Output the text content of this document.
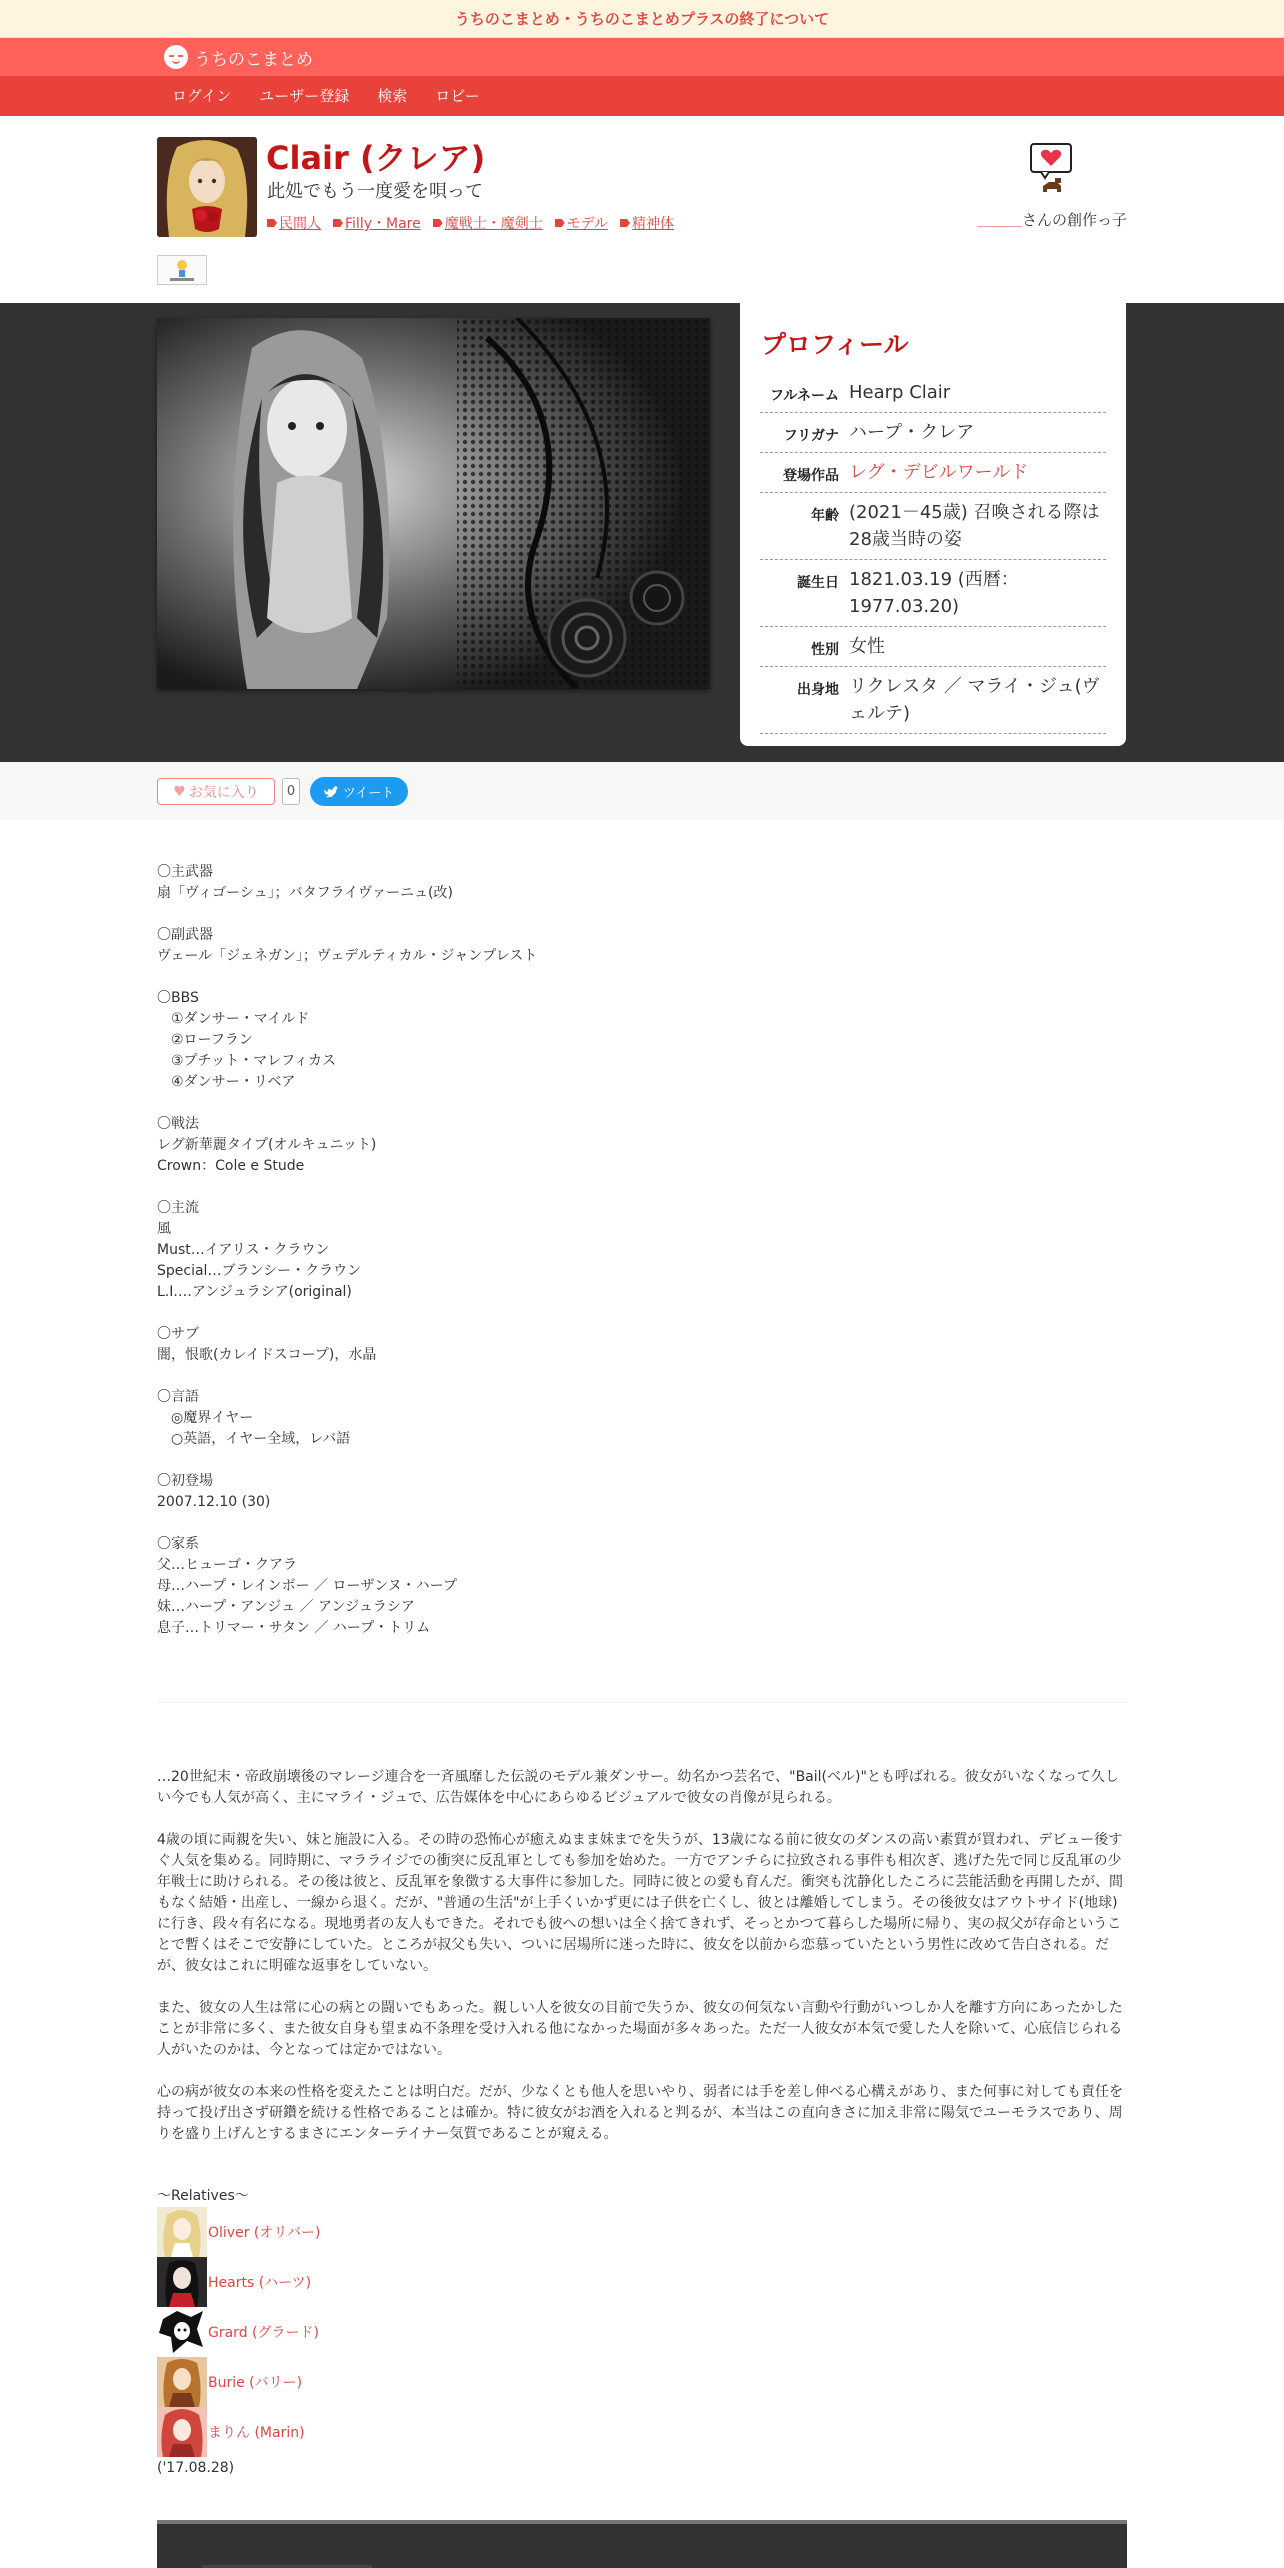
うちのこまとめ・うちのこまとめプラスの終了について
うちのこまとめ
ログイン	ユーザー登録	検索	ロビー
Clair (クレア)
此処でもう一度愛を唄って
民間人 Filly・Mare 魔戦士・魔剣士 モデル 精神体	＿＿＿さんの創作っ子
プロフィール
フルネーム Hearp Clair
フリガナ ハープ・クレア
登場作品 レグ・デビルワールド
年齢 (2021－45歳) 召喚される際は28歳当時の姿
誕生日 1821.03.19 (西暦：1977.03.20)
性別 女性
出身地 リクレスタ ／ マライ・ジュ(ヴェルテ)
♥ お気に入り	0	ツイート

〇主武器
扇「ヴィゴーシュ」；バタフライヴァーニュ(改)

〇副武器
ヴェール「ジェネガン」；ヴェデルティカル・ジャンプレスト

〇BBS
　①ダンサー・マイルド
　②ローフラン
　③プチット・マレフィカス
　④ダンサー・リベア

〇戦法
レグ新華麗タイプ(オルキュニット)
Crown：Cole e Stude

〇主流
風
Must…イアリス・クラウン
Special…ブランシー・クラウン
L.I.…アンジュラシア(original)

〇サブ
闇，恨歌(カレイドスコープ)，水晶

〇言語
　◎魔界イヤー
　○英語，イヤー全域，レバ語

〇初登場
2007.12.10 (30)

〇家系
父…ヒューゴ・クアラ
母…ハープ・レインボー ／ ローザンヌ・ハープ
妹…ハープ・アンジュ ／ アンジュラシア
息子…トリマー・サタン ／ ハープ・トリム

…20世紀末・帝政崩壊後のマレージ連合を一斉風靡した伝説のモデル兼ダンサー。幼名かつ芸名で、"Bail(ベル)"とも呼ばれる。彼女がいなくなって久しい今でも人気が高く、主にマライ・ジュで、広告媒体を中心にあらゆるビジュアルで彼女の肖像が見られる。

4歳の頃に両親を失い、妹と施設に入る。その時の恐怖心が癒えぬまま妹までを失うが、13歳になる前に彼女のダンスの高い素質が買われ、デビュー後すぐ人気を集める。同時期に、マラライジでの衝突に反乱軍としても参加を始めた。一方でアンチらに拉致される事件も相次ぎ、逃げた先で同じ反乱軍の少年戦士に助けられる。その後は彼と、反乱軍を象徴する大事件に参加した。同時に彼との愛も育んだ。衝突も沈静化したころに芸能活動を再開したが、間もなく結婚・出産し、一線から退く。だが、"普通の生活"が上手くいかず更には子供を亡くし、彼とは離婚してしまう。その後彼女はアウトサイド(地球)に行き、段々有名になる。現地勇者の友人もできた。それでも彼への想いは全く捨てきれず、そっとかつて暮らした場所に帰り、実の叔父が存命ということで暫くはそこで安静にしていた。ところが叔父も失い、ついに居場所に迷った時に、彼女を以前から恋慕っていたという男性に改めて告白される。だが、彼女はこれに明確な返事をしていない。

また、彼女の人生は常に心の病との闘いでもあった。親しい人を彼女の目前で失うか、彼女の何気ない言動や行動がいつしか人を離す方向にあったかしたことが非常に多く、また彼女自身も望まぬ不条理を受け入れる他になかった場面が多々あった。ただ一人彼女が本気で愛した人を除いて、心底信じられる人がいたのかは、今となっては定かではない。

心の病が彼女の本来の性格を変えたことは明白だ。だが、少なくとも他人を思いやり、弱者には手を差し伸べる心構えがあり、また何事に対しても責任を持って投げ出さず研鑽を続ける性格であることは確か。特に彼女がお酒を入れると判るが、本当はこの直向きさに加え非常に陽気でユーモラスであり、周りを盛り上げんとするまさにエンターテイナー気質であることが窺える。

～Relatives～
Oliver (オリバー)
Hearts (ハーツ)
Grard (グラード)
Burie (バリー)
まりん (Marin)
('17.08.28)
